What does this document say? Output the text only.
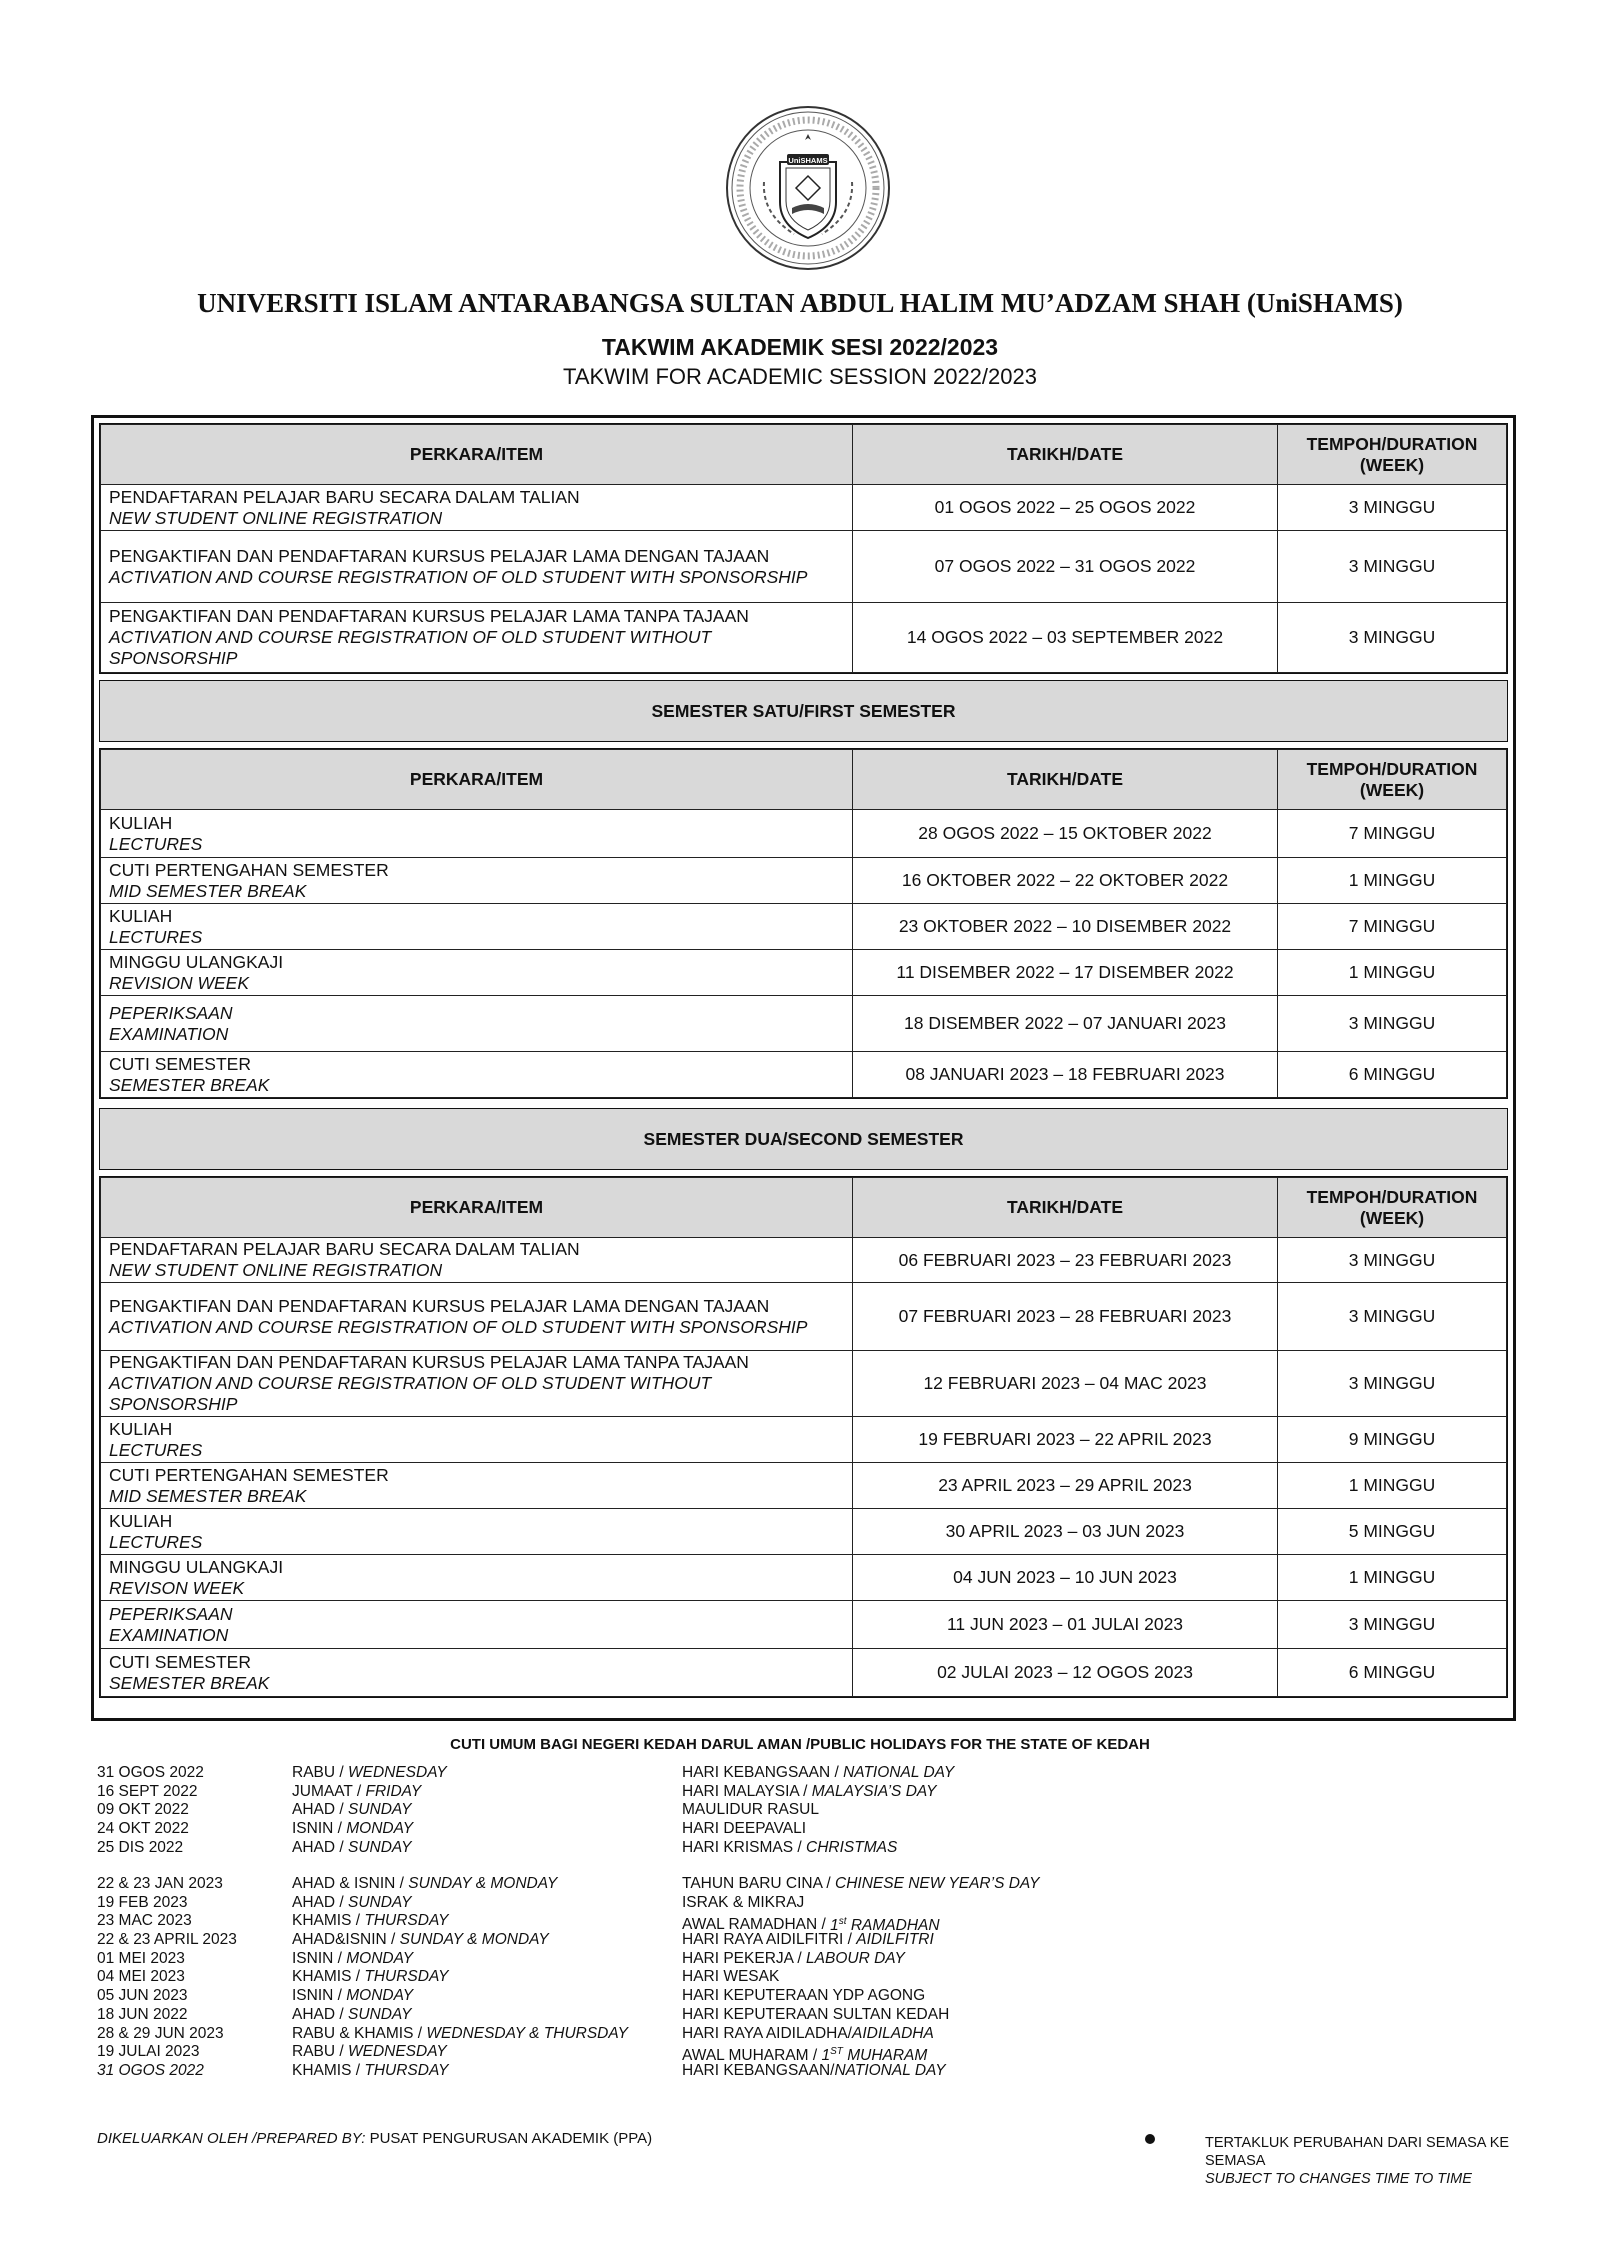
UniSHAMS
UNIVERSITI ISLAM ANTARABANGSA SULTAN ABDUL HALIM MU’ADZAM SHAH (UniSHAMS)
TAKWIM AKADEMIK SESI 2022/2023
TAKWIM FOR ACADEMIC SESSION 2022/2023
PERKARA/ITEM	TARIKH/DATE	TEMPOH/DURATION
(WEEK)

PENDAFTARAN PELAJAR BARU SECARA DALAM TALIAN
NEW STUDENT ONLINE REGISTRATION	01 OGOS 2022 – 25 OGOS 2022	3 MINGGU

PENGAKTIFAN DAN PENDAFTARAN KURSUS PELAJAR LAMA DENGAN TAJAAN
ACTIVATION AND COURSE REGISTRATION OF OLD STUDENT WITH SPONSORSHIP	07 OGOS 2022 – 31 OGOS 2022	3 MINGGU

PENGAKTIFAN DAN PENDAFTARAN KURSUS PELAJAR LAMA TANPA TAJAAN
ACTIVATION AND COURSE REGISTRATION OF OLD STUDENT WITHOUT SPONSORSHIP	14 OGOS 2022 – 03 SEPTEMBER 2022	3 MINGGU
SEMESTER SATU/FIRST SEMESTER
PERKARA/ITEM	TARIKH/DATE	TEMPOH/DURATION
(WEEK)

KULIAH
LECTURES	28 OGOS 2022 – 15 OKTOBER 2022	7 MINGGU

CUTI PERTENGAHAN SEMESTER
MID SEMESTER BREAK	16 OKTOBER 2022 – 22 OKTOBER 2022	1 MINGGU

KULIAH
LECTURES	23 OKTOBER 2022 – 10 DISEMBER 2022	7 MINGGU

MINGGU ULANGKAJI
REVISION WEEK	11 DISEMBER 2022 – 17 DISEMBER 2022	1 MINGGU

PEPERIKSAAN
EXAMINATION	18 DISEMBER 2022 – 07 JANUARI 2023	3 MINGGU

CUTI SEMESTER
SEMESTER BREAK	08 JANUARI 2023 – 18 FEBRUARI 2023	6 MINGGU
SEMESTER DUA/SECOND SEMESTER
PERKARA/ITEM	TARIKH/DATE	TEMPOH/DURATION
(WEEK)

PENDAFTARAN PELAJAR BARU SECARA DALAM TALIAN
NEW STUDENT ONLINE REGISTRATION	06 FEBRUARI 2023 – 23 FEBRUARI 2023	3 MINGGU

PENGAKTIFAN DAN PENDAFTARAN KURSUS PELAJAR LAMA DENGAN TAJAAN
ACTIVATION AND COURSE REGISTRATION OF OLD STUDENT WITH SPONSORSHIP	07 FEBRUARI 2023 – 28 FEBRUARI 2023	3 MINGGU

PENGAKTIFAN DAN PENDAFTARAN KURSUS PELAJAR LAMA TANPA TAJAAN
ACTIVATION AND COURSE REGISTRATION OF OLD STUDENT WITHOUT SPONSORSHIP	12 FEBRUARI 2023 – 04 MAC 2023	3 MINGGU

KULIAH
LECTURES	19 FEBRUARI 2023 – 22 APRIL 2023	9 MINGGU

CUTI PERTENGAHAN SEMESTER
MID SEMESTER BREAK	23 APRIL 2023 – 29 APRIL 2023	1 MINGGU

KULIAH
LECTURES	30 APRIL 2023 – 03 JUN 2023	5 MINGGU

MINGGU ULANGKAJI
REVISON WEEK	04 JUN 2023 – 10 JUN 2023	1 MINGGU

PEPERIKSAAN
EXAMINATION	11 JUN 2023 – 01 JULAI 2023	3 MINGGU

CUTI SEMESTER
SEMESTER BREAK	02 JULAI 2023 – 12 OGOS 2023	6 MINGGU
CUTI UMUM BAGI NEGERI KEDAH DARUL AMAN /PUBLIC HOLIDAYS FOR THE STATE OF KEDAH
31 OGOS 2022	RABU / WEDNESDAY	HARI KEBANGSAAN / NATIONAL DAY
16 SEPT 2022	JUMAAT / FRIDAY	HARI MALAYSIA / MALAYSIA’S DAY
09 OKT 2022	AHAD / SUNDAY	MAULIDUR RASUL
24 OKT 2022	ISNIN / MONDAY	HARI DEEPAVALI
25 DIS 2022	AHAD / SUNDAY	HARI KRISMAS / CHRISTMAS
22 & 23 JAN 2023	AHAD & ISNIN / SUNDAY & MONDAY	TAHUN BARU CINA / CHINESE NEW YEAR’S DAY
19 FEB 2023	AHAD / SUNDAY	ISRAK & MIKRAJ
23 MAC 2023	KHAMIS / THURSDAY	AWAL RAMADHAN / 1st RAMADHAN
22 & 23 APRIL 2023	AHAD&ISNIN / SUNDAY & MONDAY	HARI RAYA AIDILFITRI / AIDILFITRI
01 MEI 2023	ISNIN / MONDAY	HARI PEKERJA / LABOUR DAY
04 MEI 2023	KHAMIS / THURSDAY	HARI WESAK
05 JUN 2023	ISNIN / MONDAY	HARI KEPUTERAAN YDP AGONG
18 JUN 2022	AHAD / SUNDAY	HARI KEPUTERAAN SULTAN KEDAH
28 & 29 JUN 2023	RABU & KHAMIS / WEDNESDAY & THURSDAY	HARI RAYA AIDILADHA/AIDILADHA
19 JULAI 2023	RABU / WEDNESDAY	AWAL MUHARAM / 1ST MUHARAM
31 OGOS 2022	KHAMIS / THURSDAY	HARI KEBANGSAAN/NATIONAL DAY
DIKELUARKAN OLEH /PREPARED BY: PUSAT PENGURUSAN AKADEMIK (PPA)	TERTAKLUK PERUBAHAN DARI SEMASA KE SEMASA
SUBJECT TO CHANGES TIME TO TIME
